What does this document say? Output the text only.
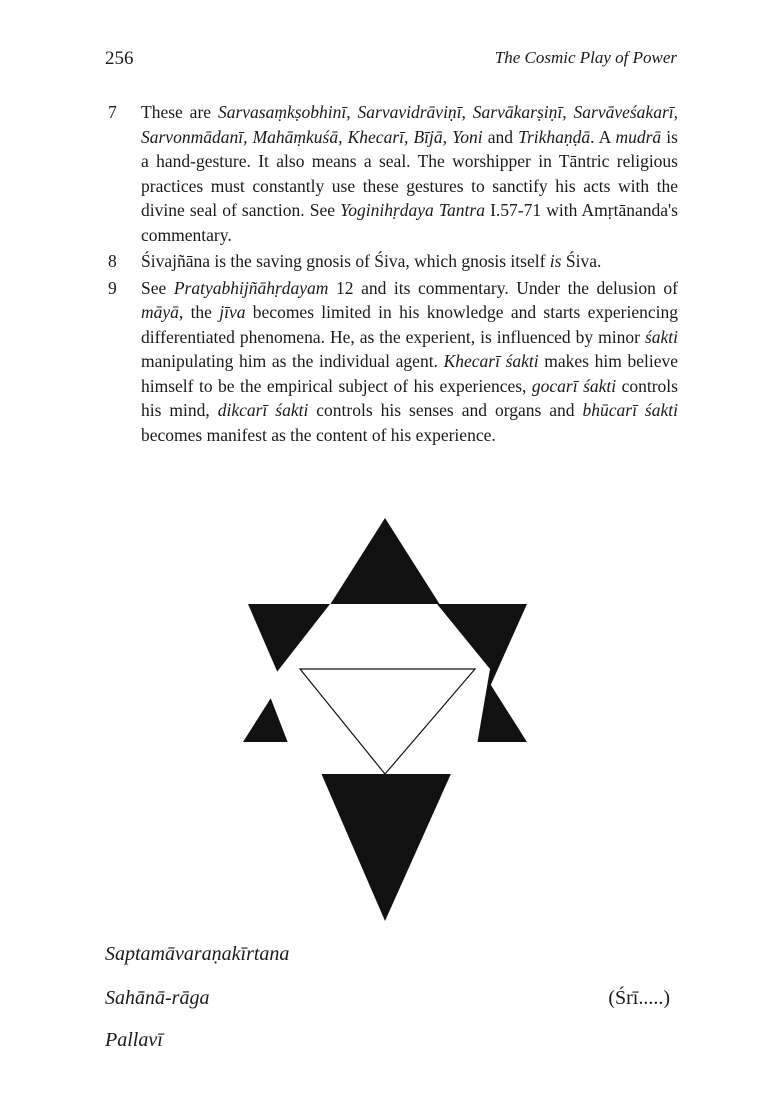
256	The Cosmic Play of Power
7	These are Sarvasaṃkṣobhinī, Sarvavidrāviṇī, Sarvākarṣiṇī, Sarvāveśakarī, Sarvonmādanī, Mahāṃkuśā, Khecarī, Bījā, Yoni and Trikhaṇḍā. A mudrā is a hand-gesture. It also means a seal. The worshipper in Tāntric religious practices must constantly use these gestures to sanctify his acts with the divine seal of sanction. See Yoginihṛdaya Tantra I.57-71 with Amṛtānanda's commentary.
8	Śivajñāna is the saving gnosis of Śiva, which gnosis itself is Śiva.
9	See Pratyabhijñāhṛdayam 12 and its commentary. Under the delusion of māyā, the jīva becomes limited in his knowledge and starts experiencing differentiated phenomena. He, as the experient, is influenced by minor śakti manipulating him as the individual agent. Khecarī śakti makes him believe himself to be the empirical subject of his experiences, gocarī śakti controls his mind, dikcarī śakti controls his senses and organs and bhūcarī śakti becomes manifest as the content of his experience.
Saptamāvaraṇakīrtana
Sahānā-rāga	(Śrī.....)
Pallavī
